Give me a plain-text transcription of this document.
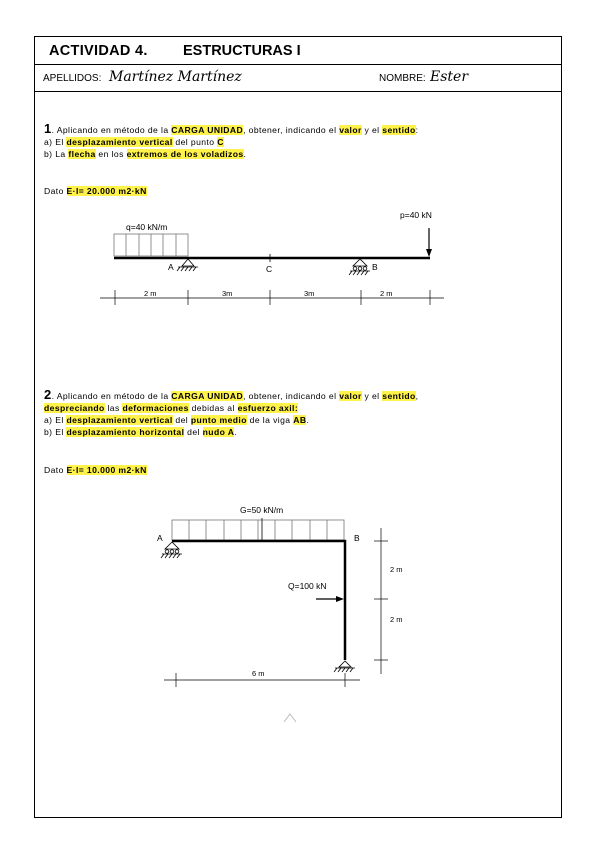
ACTIVIDAD 4. ESTRUCTURAS I
APELLIDOS: Martínez Martínez	NOMBRE: Ester
1. Aplicando en método de la CARGA UNIDAD, obtener, indicando el valor y el sentido:
a) El desplazamiento vertical del punto C
b) La flecha en los extremos de los voladizos.
Dato E·I= 20.000 m2·kN
2. Aplicando en método de la CARGA UNIDAD, obtener, indicando el valor y el sentido,
despreciando las deformaciones debidas al esfuerzo axil:
a) El desplazamiento vertical del punto medio de la viga AB.
b) El desplazamiento horizontal del nudo A.
Dato E·I= 10.000 m2·kN
q=40 kN/m
A	C	B
p=40 kN
2 m	3m	3m	2 m
G=50 kN/m
A	B
Q=100 kN
2 m
2 m
6 m
